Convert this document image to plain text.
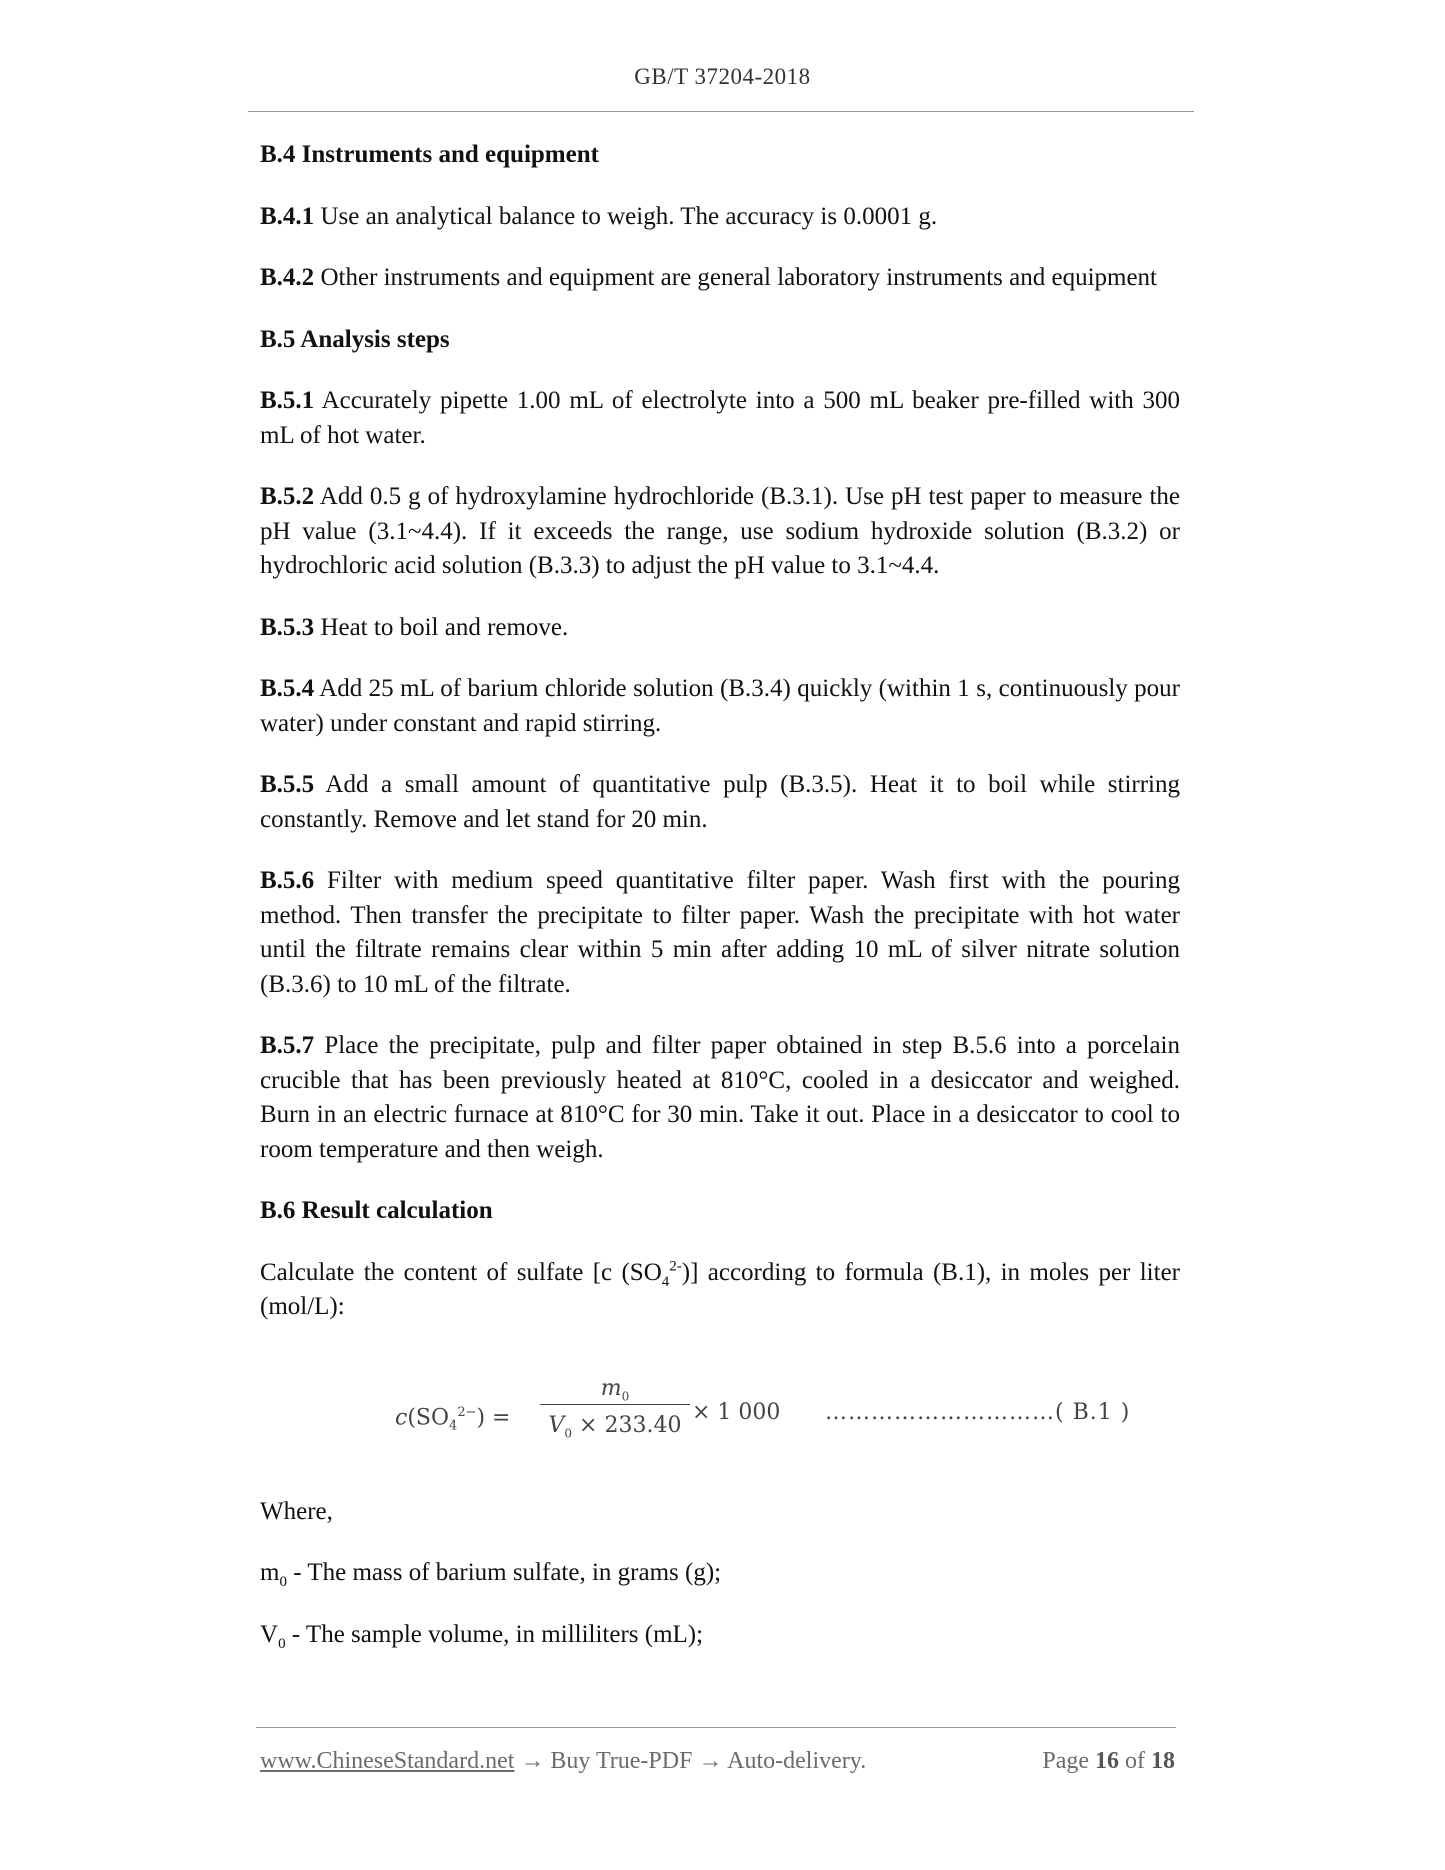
GB/T 37204-2018
B.4 Instruments and equipment
B.4.1 Use an analytical balance to weigh. The accuracy is 0.0001 g.
B.4.2 Other instruments and equipment are general laboratory instruments and equipment
B.5 Analysis steps
B.5.1 Accurately pipette 1.00 mL of electrolyte into a 500 mL beaker pre-filled with 300 mL of hot water.
B.5.2 Add 0.5 g of hydroxylamine hydrochloride (B.3.1). Use pH test paper to measure the pH value (3.1~4.4). If it exceeds the range, use sodium hydroxide solution (B.3.2) or hydrochloric acid solution (B.3.3) to adjust the pH value to 3.1~4.4.
B.5.3 Heat to boil and remove.
B.5.4 Add 25 mL of barium chloride solution (B.3.4) quickly (within 1 s, continuously pour water) under constant and rapid stirring.
B.5.5 Add a small amount of quantitative pulp (B.3.5). Heat it to boil while stirring constantly. Remove and let stand for 20 min.
B.5.6 Filter with medium speed quantitative filter paper. Wash first with the pouring method. Then transfer the precipitate to filter paper. Wash the precipitate with hot water until the filtrate remains clear within 5 min after adding 10 mL of silver nitrate solution (B.3.6) to 10 mL of the filtrate.
B.5.7 Place the precipitate, pulp and filter paper obtained in step B.5.6 into a porcelain crucible that has been previously heated at 810°C, cooled in a desiccator and weighed. Burn in an electric furnace at 810°C for 30 min. Take it out. Place in a desiccator to cool to room temperature and then weigh.
B.6 Result calculation
Calculate the content of sulfate [c $(SO_4^{2-})$] according to formula (B.1), in moles per liter (mol/L):
$c(SO_4^{2-})$ =
$m_0$
$V_0 \times 233.40$
× 1 000 …………………………( B.1 )
Where,
$m_0$ - The mass of barium sulfate, in grams (g);
$V_0$ - The sample volume, in milliliters (mL);
www.ChineseStandard.net → Buy True-PDF → Auto-delivery.	Page 16 of 18
